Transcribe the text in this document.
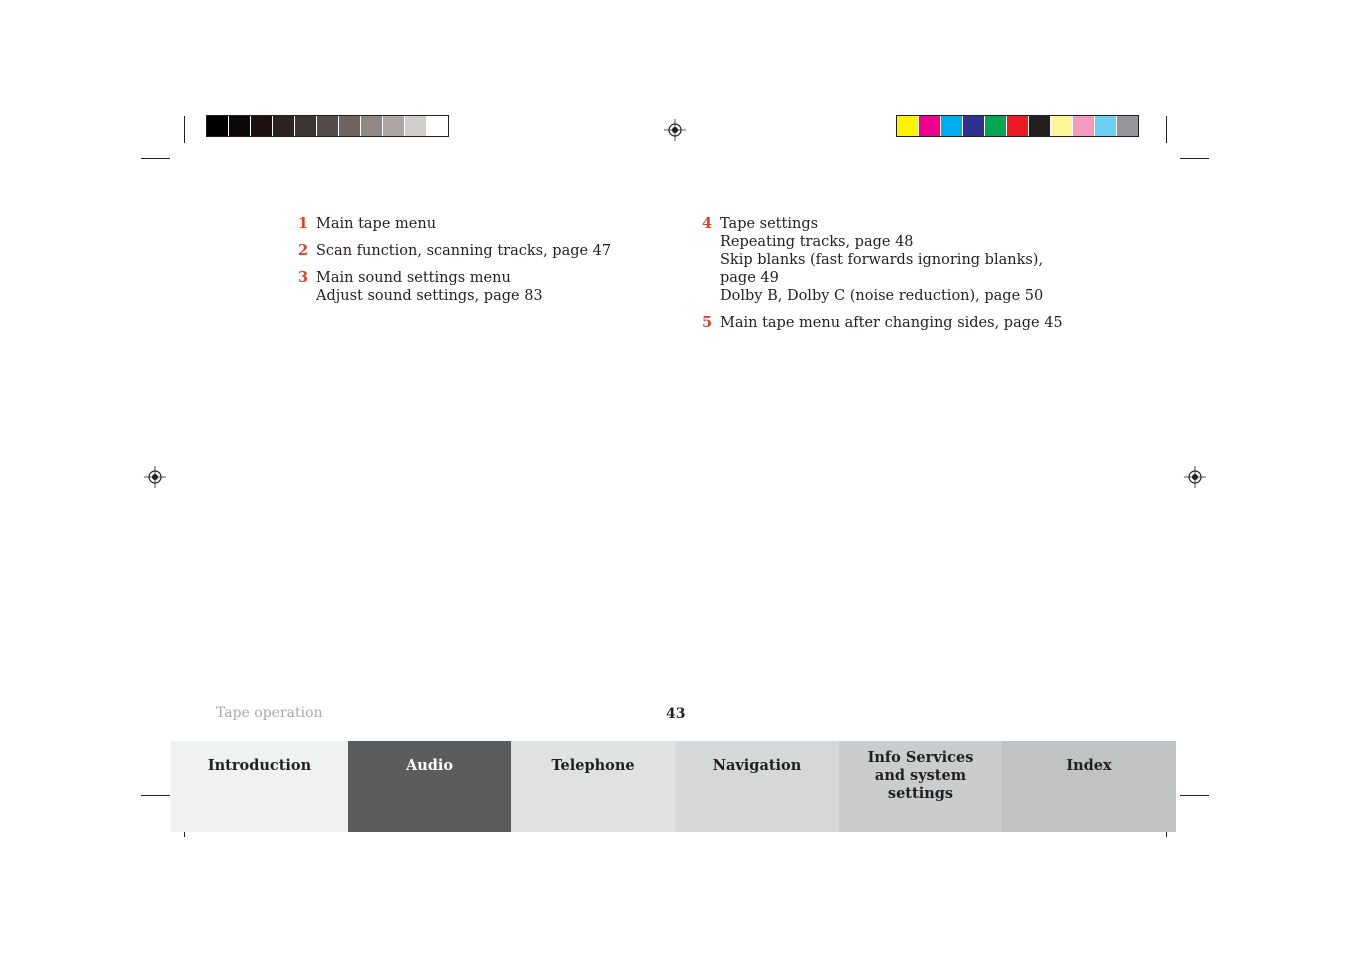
1 Main tape menu
2 Scan function, scanning tracks, page 47
3 Main sound settings menu
Adjust sound settings, page 83
4 Tape settings
Repeating tracks, page 48
Skip blanks (fast forwards ignoring blanks),
page 49
Dolby B, Dolby C (noise reduction), page 50
5 Main tape menu after changing sides, page 45
Tape operation	43
Introduction	Audio	Telephone	Navigation	Info Services and system settings
Index
